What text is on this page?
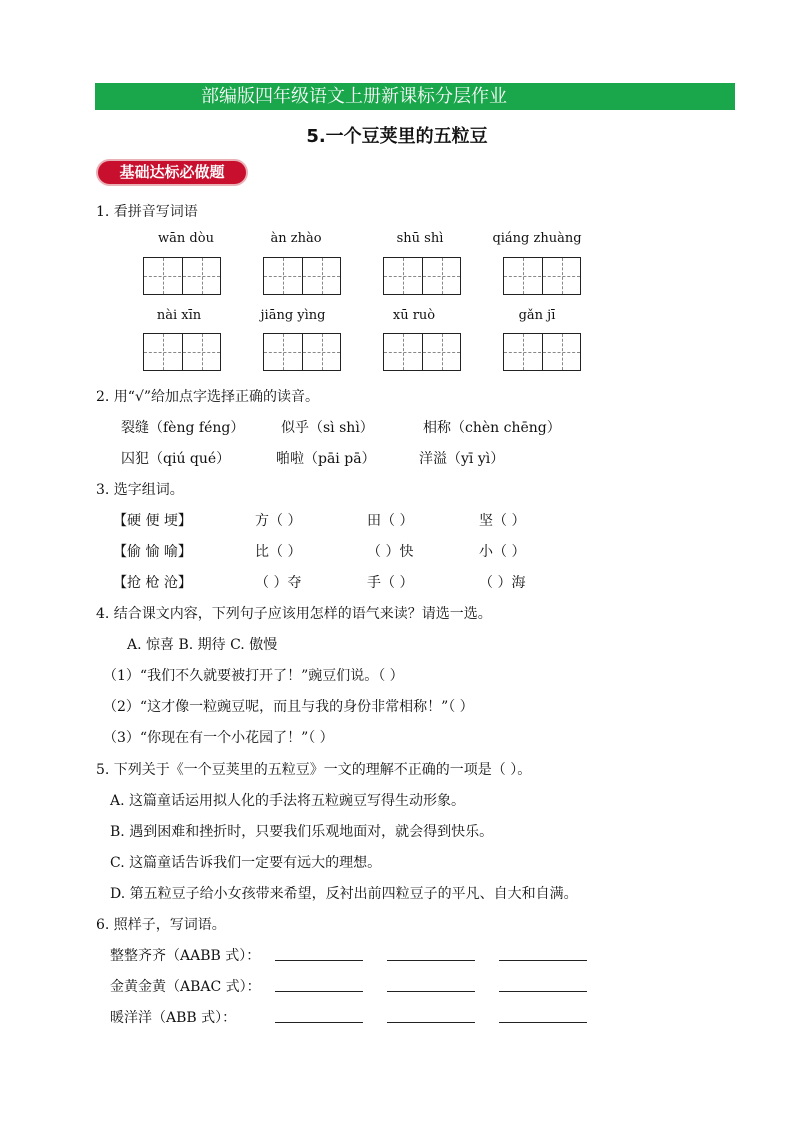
部编版四年级语文上册新课标分层作业
5.一个豆荚里的五粒豆
基础达标必做题
1. 看拼音写词语
wān dòu	àn zhào	shū shì	qiáng zhuàng
nài xīn	jiāng yìng	xū ruò	gǎn jī
2. 用“√”给加点字选择正确的读音。
裂缝（fèng féng）	似乎（sì shì）	相称（chèn chēng）
囚犯（qiú qué）	啪啦（pāi pā）	洋溢（yī yì）
3. 选字组词。
【硬 便 埂】	方（ ）	田（ ）	坚（ ）
【偷 愉 喻】	比（ ）	（ ）快	小（ ）
【抢 枪 沧】	（ ）夺	手（ ）	（ ）海
4. 结合课文内容，下列句子应该用怎样的语气来读？请选一选。
A. 惊喜 B. 期待 C. 傲慢
（1）“我们不久就要被打开了！”豌豆们说。（ ）
（2）“这才像一粒豌豆呢，而且与我的身份非常相称！”（ ）
（3）“你现在有一个小花园了！”（ ）
5. 下列关于《一个豆荚里的五粒豆》一文的理解不正确的一项是（ ）。
A. 这篇童话运用拟人化的手法将五粒豌豆写得生动形象。
B. 遇到困难和挫折时，只要我们乐观地面对，就会得到快乐。
C. 这篇童话告诉我们一定要有远大的理想。
D. 第五粒豆子给小女孩带来希望，反衬出前四粒豆子的平凡、自大和自满。
6. 照样子，写词语。
整整齐齐（AABB 式）：
金黄金黄（ABAC 式）：
暖洋洋（ABB 式）：
